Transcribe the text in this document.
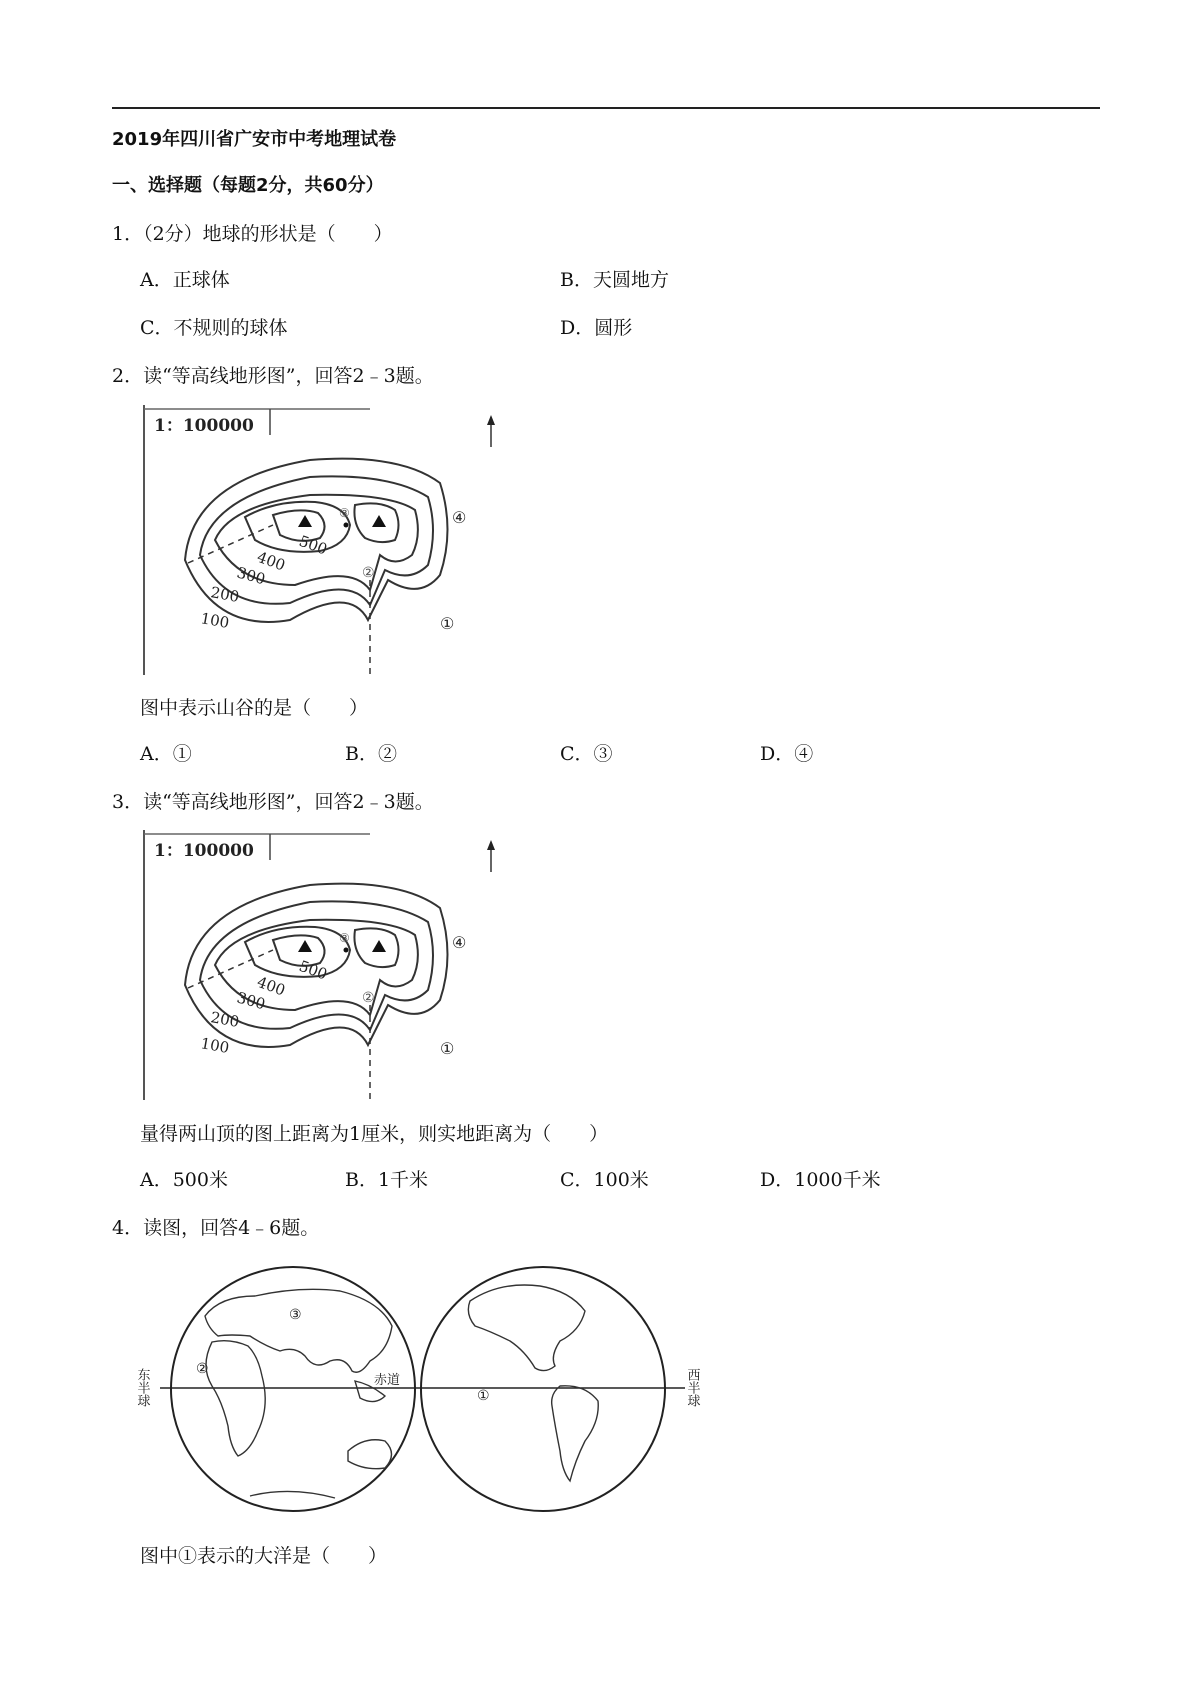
2019年四川省广安市中考地理试卷
一、选择题（每题2分，共60分）
1．（2分）地球的形状是（　　）
A．正球体	B．天圆地方
C．不规则的球体	D．圆形
2．读“等高线地形图”，回答2﹣3题。
1：100000
500
400
300
200
100	①
②
③	④
图中表示山谷的是（　　）
A．①	B．②	C．③	D．④
3．读“等高线地形图”，回答2﹣3题。
1：100000
500
400
300
200
100	①
②
③	④
量得两山顶的图上距离为1厘米，则实地距离为（　　）
A．500米	B．1千米	C．100米	D．1000千米
4．读图，回答4﹣6题。
东半球	西半球
赤道
①
②
③
图中①表示的大洋是（　　）
